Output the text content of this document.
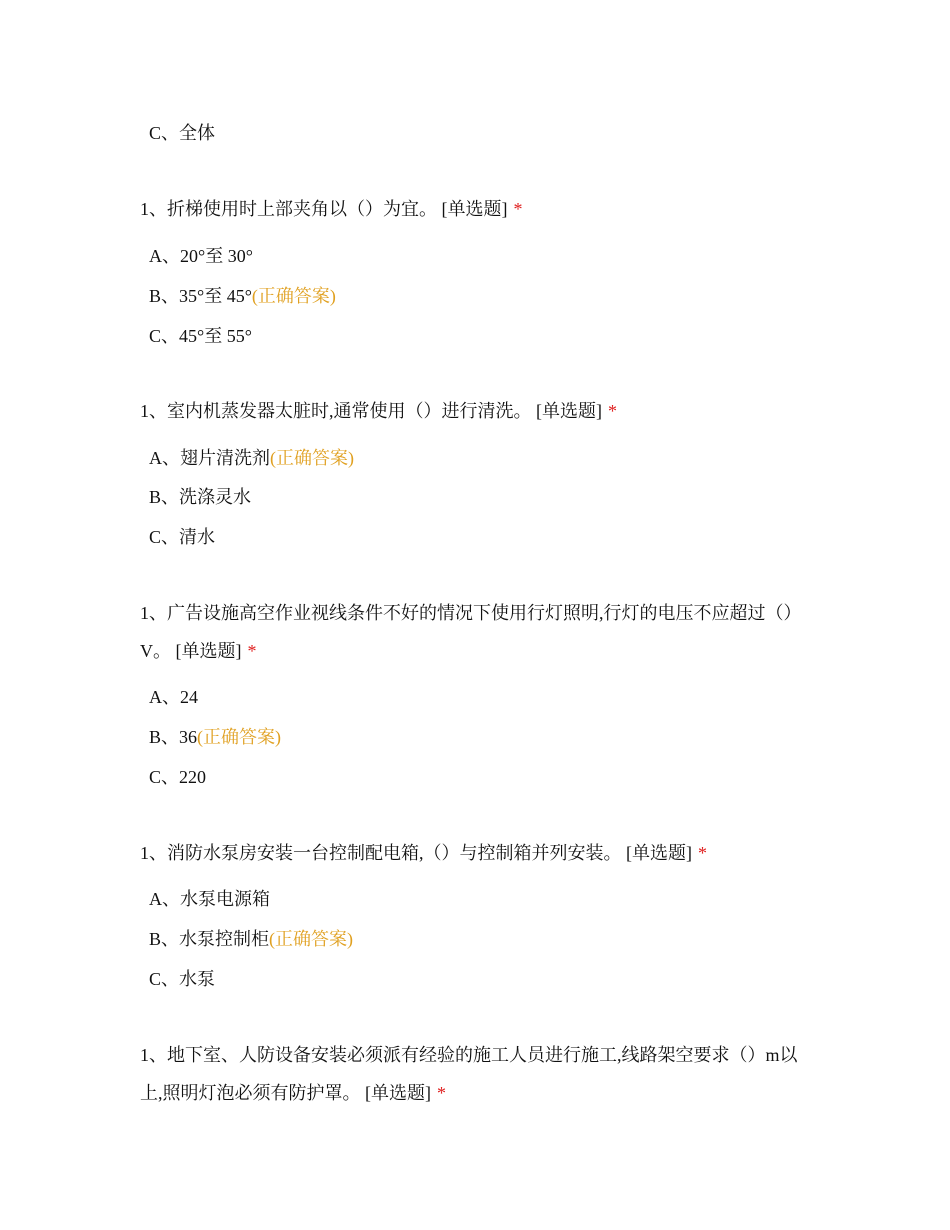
C、全体
1、折梯使用时上部夹角以（）为宜。 [单选题] *
A、20°至 30°
B、35°至 45°(正确答案)
C、45°至 55°
1、室内机蒸发器太脏时,通常使用（）进行清洗。 [单选题] *
A、翅片清洗剂(正确答案)
B、洗涤灵水
C、清水
1、广告设施高空作业视线条件不好的情况下使用行灯照明,行灯的电压不应超过（）V。 [单选题] *
A、24
B、36(正确答案)
C、220
1、消防水泵房安装一台控制配电箱,（）与控制箱并列安装。 [单选题] *
A、水泵电源箱
B、水泵控制柜(正确答案)
C、水泵
1、地下室、人防设备安装必须派有经验的施工人员进行施工,线路架空要求（）m以上,照明灯泡必须有防护罩。 [单选题] *
